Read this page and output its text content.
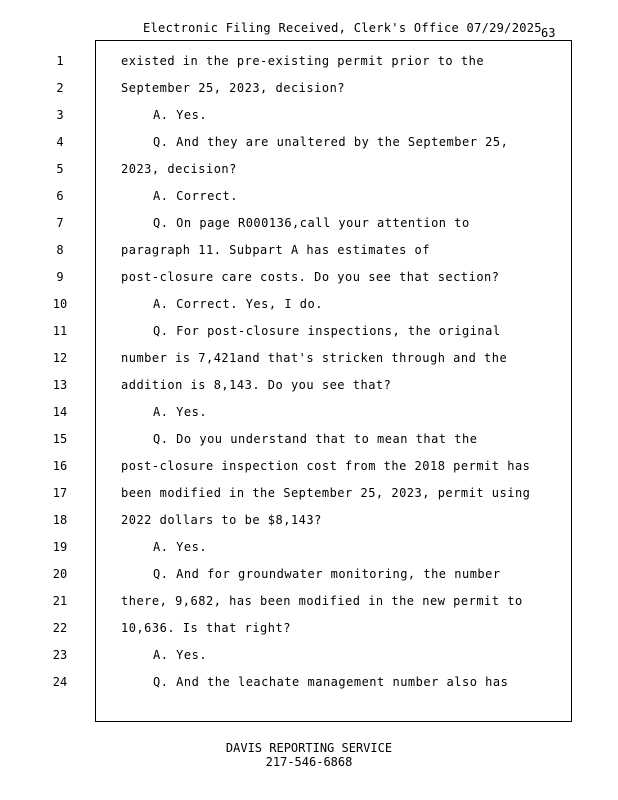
Electronic Filing Received, Clerk's Office 07/29/2025 63
1	existed in the pre-existing permit prior to the
2	September 25, 2023, decision?
3	A. Yes.
4	Q. And they are unaltered by the September 25,
5	2023, decision?
6	A. Correct.
7	Q. On page R000136,call your attention to
8	paragraph 11. Subpart A has estimates of
9	post-closure care costs. Do you see that section?
10	A. Correct. Yes, I do.
11	Q. For post-closure inspections, the original
12	number is 7,421and that's stricken through and the
13	addition is 8,143. Do you see that?
14	A. Yes.
15	Q. Do you understand that to mean that the
16	post-closure inspection cost from the 2018 permit has
17	been modified in the September 25, 2023, permit using
18	2022 dollars to be $8,143?
19	A. Yes.
20	Q. And for groundwater monitoring, the number
21	there, 9,682, has been modified in the new permit to
22	10,636. Is that right?
23	A. Yes.
24	Q. And the leachate management number also has
DAVIS REPORTING SERVICE
217-546-6868
